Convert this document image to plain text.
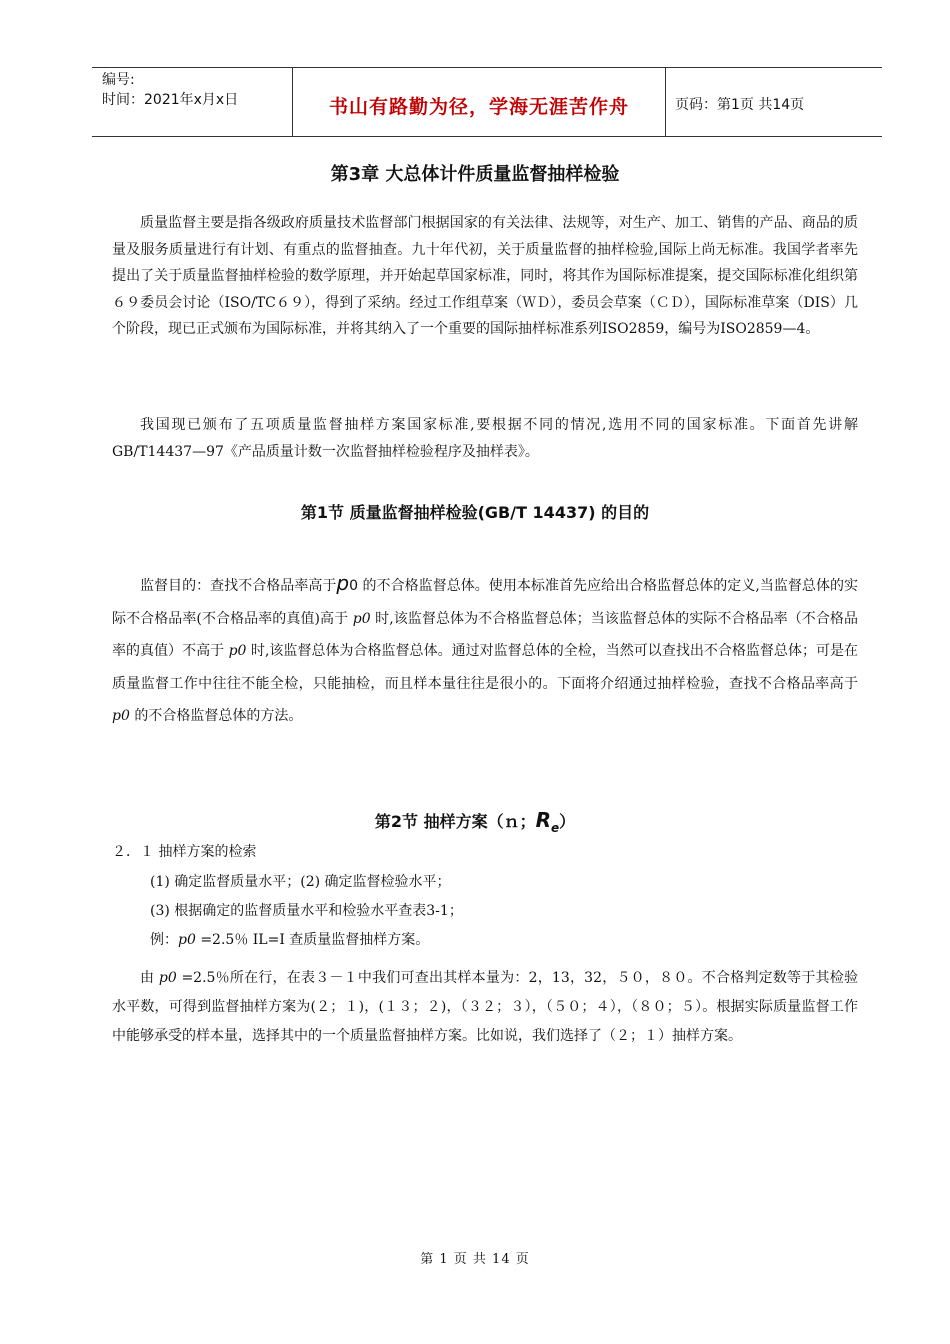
编号:
时间：2021年x月x日	书山有路勤为径，学海无涯苦作舟	页码：第1页 共14页
第3章 大总体计件质量监督抽样检验

质量监督主要是指各级政府质量技术监督部门根据国家的有关法律、法规等，对生产、加工、销售的产品、商品的质量及服务质量进行有计划、有重点的监督抽查。九十年代初，关于质量监督的抽样检验,国际上尚无标准。我国学者率先提出了关于质量监督抽样检验的数学原理，并开始起草国家标准，同时，将其作为国际标准提案，提交国际标准化组织第６９委员会讨论（ISO/TC６９），得到了采纳。经过工作组草案（ＷＤ），委员会草案（ＣＤ），国际标准草案（DIS）几个阶段，现已正式颁布为国际标准，并将其纳入了一个重要的国际抽样标准系列ISO2859，编号为ISO2859—4。

我国现已颁布了五项质量监督抽样方案国家标准,要根据不同的情况,选用不同的国家标准。下面首先讲解GB/T14437—97《产品质量计数一次监督抽样检验程序及抽样表》。

第1节 质量监督抽样检验(GB/T 14437) 的目的

监督目的：查找不合格品率高于p0 的不合格监督总体。使用本标准首先应给出合格监督总体的定义,当监督总体的实际不合格品率(不合格品率的真值)高于 p0 时,该监督总体为不合格监督总体；当该监督总体的实际不合格品率（不合格品率的真值）不高于 p0 时,该监督总体为合格监督总体。通过对监督总体的全检，当然可以查找出不合格监督总体；可是在质量监督工作中往往不能全检，只能抽检，而且样本量往往是很小的。下面将介绍通过抽样检验，查找不合格品率高于 p0 的不合格监督总体的方法。

第2节 抽样方案（ｎ；$R_e$）
２．１ 抽样方案的检索
(1) 确定监督质量水平；(2) 确定监督检验水平；
(3) 根据确定的监督质量水平和检验水平查表3-1；
例：p0 =2.5％ IL=Ⅰ 查质量监督抽样方案。

由 p0 =2.5％所在行，在表３－１中我们可查出其样本量为：2，13，32，５０，８０。不合格判定数等于其检验水平数，可得到监督抽样方案为(２；１)，(１３；２)，（３２；３），（５０；４），（８０；５）。根据实际质量监督工作中能够承受的样本量，选择其中的一个质量监督抽样方案。比如说，我们选择了（２；１）抽样方案。

第 1 页 共 14 页
